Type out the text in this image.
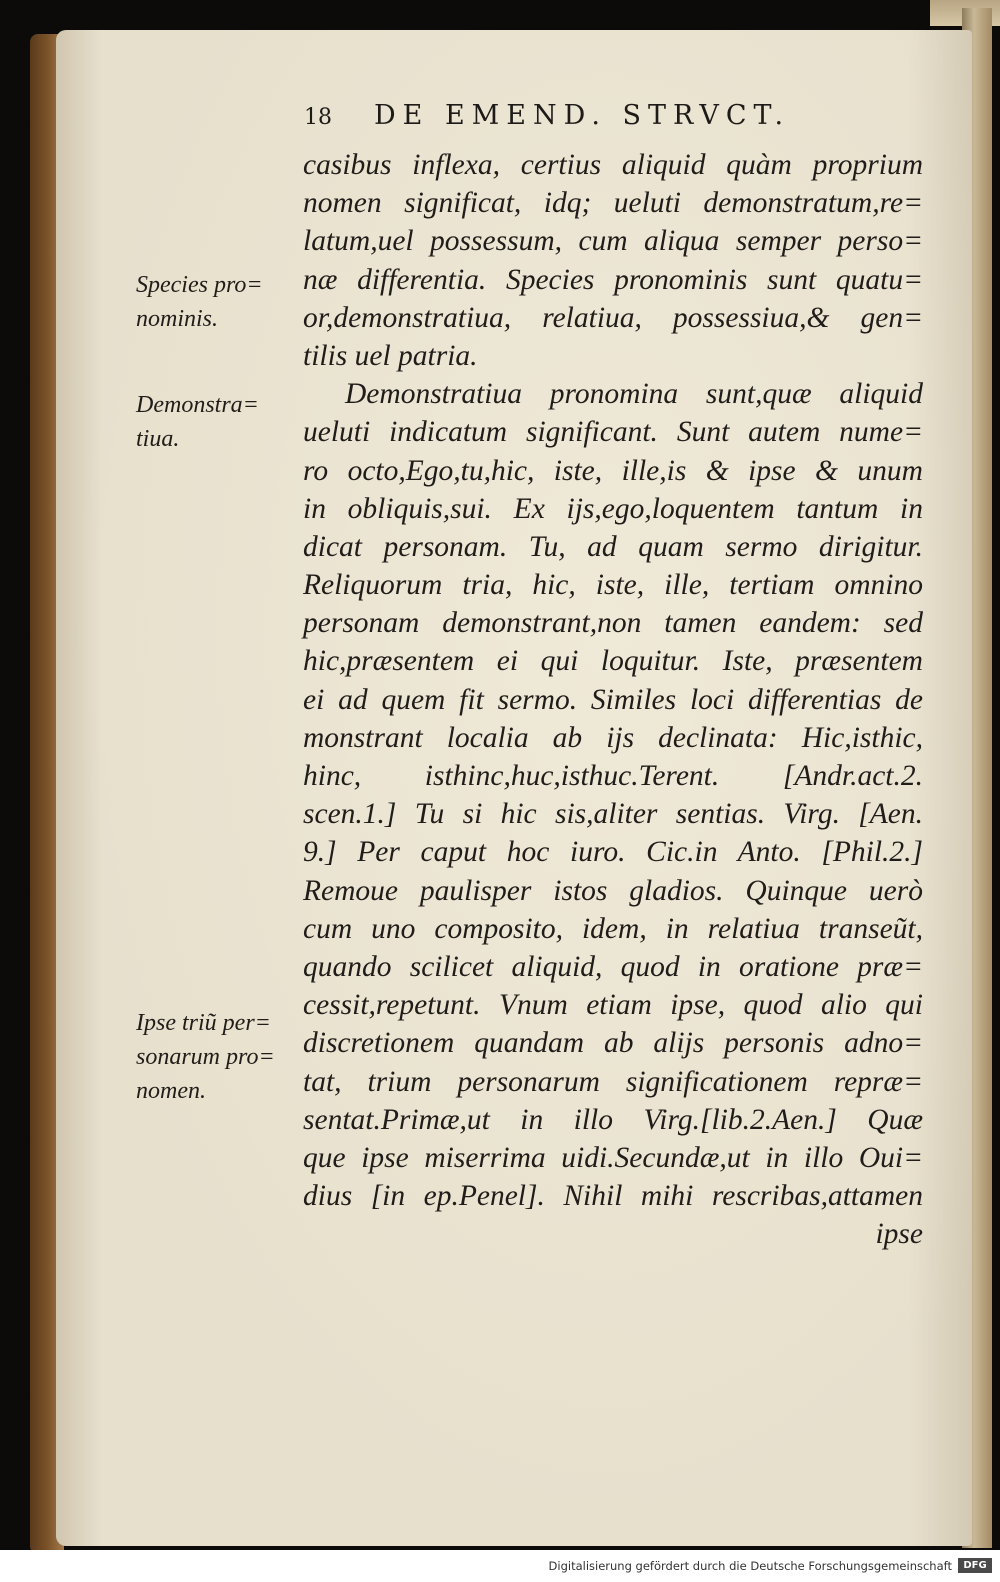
18 DE EMEND. STRVCT.
casibus inflexa, certius aliquid quàm proprium
nomen significat, idq; ueluti demonstratum,re=
latum,uel possessum, cum aliqua semper perso=
næ differentia. Species pronominis sunt quatu=
or,demonstratiua, relatiua, possessiua,& gen=
tilis uel patria.
Demonstratiua pronomina sunt,quæ aliquid
ueluti indicatum significant. Sunt autem nume=
ro octo,Ego,tu,hic, iste, ille,is & ipse & unum
in obliquis,sui. Ex ijs,ego,loquentem tantum in
dicat personam. Tu, ad quam sermo dirigitur.
Reliquorum tria, hic, iste, ille, tertiam omnino
personam demonstrant,non tamen eandem: sed
hic,præsentem ei qui loquitur. Iste, præsentem
ei ad quem fit sermo. Similes loci differentias de
monstrant localia ab ijs declinata: Hic,isthic,
hinc, isthinc,huc,isthuc.Terent. [Andr.act.2.
scen.1.] Tu si hic sis,aliter sentias. Virg. [Aen.
9.] Per caput hoc iuro. Cic.in Anto. [Phil.2.]
Remoue paulisper istos gladios. Quinque uerò
cum uno composito, idem, in relatiua transeũt,
quando scilicet aliquid, quod in oratione præ=
cessit,repetunt. Vnum etiam ipse, quod alio qui
discretionem quandam ab alijs personis adno=
tat, trium personarum significationem repræ=
sentat.Primæ,ut in illo Virg.[lib.2.Aen.] Quæ
que ipse miserrima uidi.Secundæ,ut in illo Oui=
dius [in ep.Penel]. Nihil mihi rescribas,attamen
ipse
Species pro=
nominis.
Demonstra=
tiua.
Ipse triũ per=
sonarum pro=
nomen.
Digitalisierung gefördert durch die Deutsche Forschungsgemeinschaft	DFG
